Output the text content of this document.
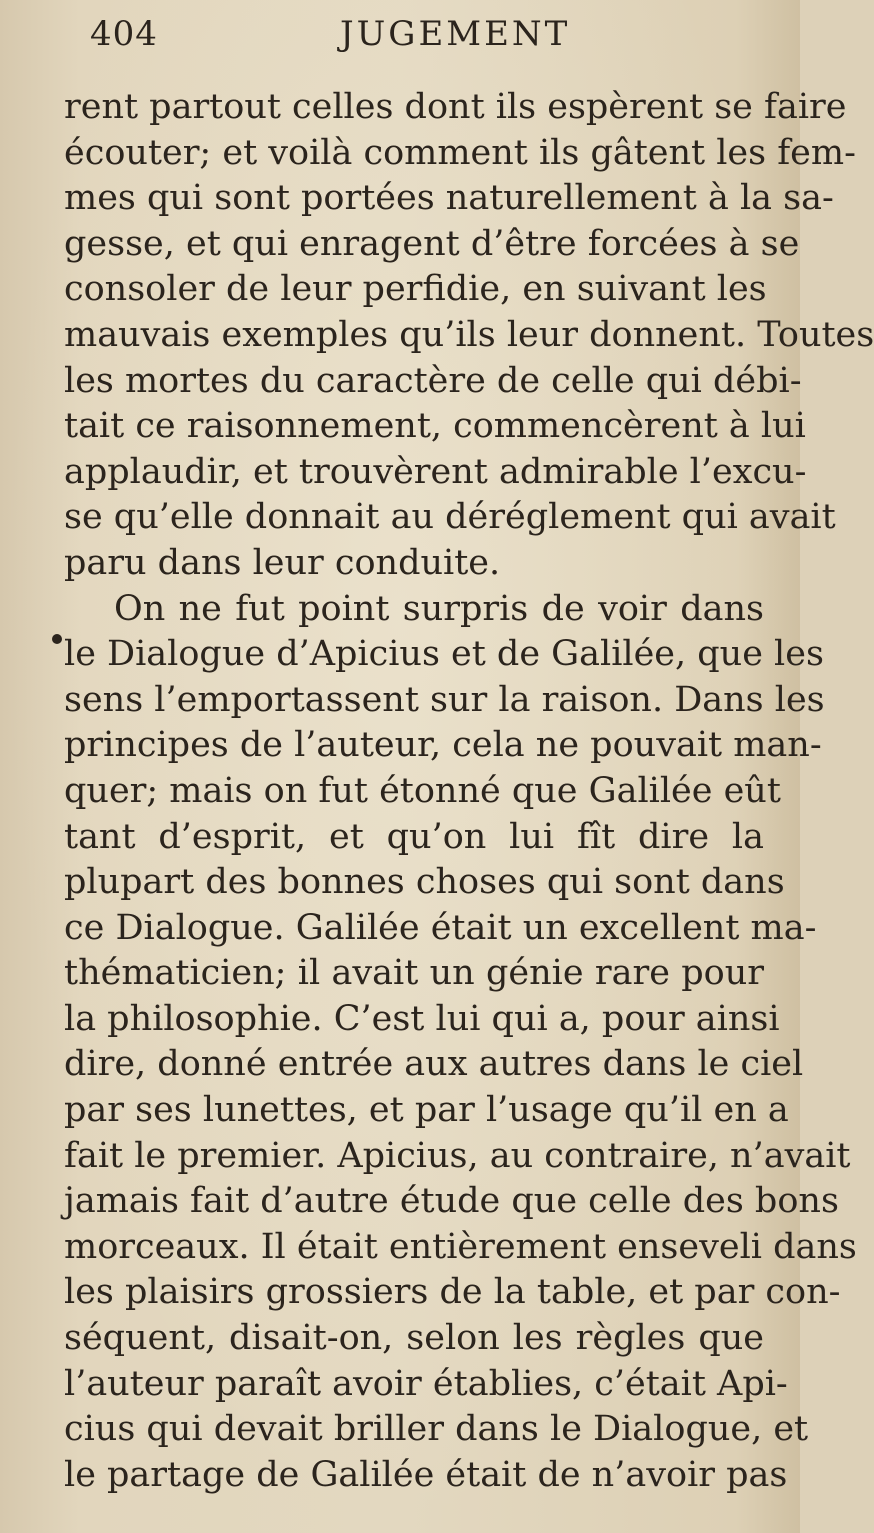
404	JUGEMENT
rent partout celles dont ils espèrent se faire
écouter; et voilà comment ils gâtent les fem-
mes qui sont portées naturellement à la sa-
gesse, et qui enragent d’être forcées à se
consoler de leur perfidie, en suivant les
mauvais exemples qu’ils leur donnent. Toutes
les mortes du caractère de celle qui débi-
tait ce raisonnement, commencèrent à lui
applaudir, et trouvèrent admirable l’excu-
se qu’elle donnait au déréglement qui avait
paru dans leur conduite.
On ne fut point surpris de voir dans
le Dialogue d’Apicius et de Galilée, que les
sens l’emportassent sur la raison. Dans les
principes de l’auteur, cela ne pouvait man-
quer; mais on fut étonné que Galilée eût
tant d’esprit, et qu’on lui fît dire la
plupart des bonnes choses qui sont dans
ce Dialogue. Galilée était un excellent ma-
thématicien; il avait un génie rare pour
la philosophie. C’est lui qui a, pour ainsi
dire, donné entrée aux autres dans le ciel
par ses lunettes, et par l’usage qu’il en a
fait le premier. Apicius, au contraire, n’avait
jamais fait d’autre étude que celle des bons
morceaux. Il était entièrement enseveli dans
les plaisirs grossiers de la table, et par con-
séquent, disait-on, selon les règles que
l’auteur paraît avoir établies, c’était Api-
cius qui devait briller dans le Dialogue, et
le partage de Galilée était de n’avoir pas
